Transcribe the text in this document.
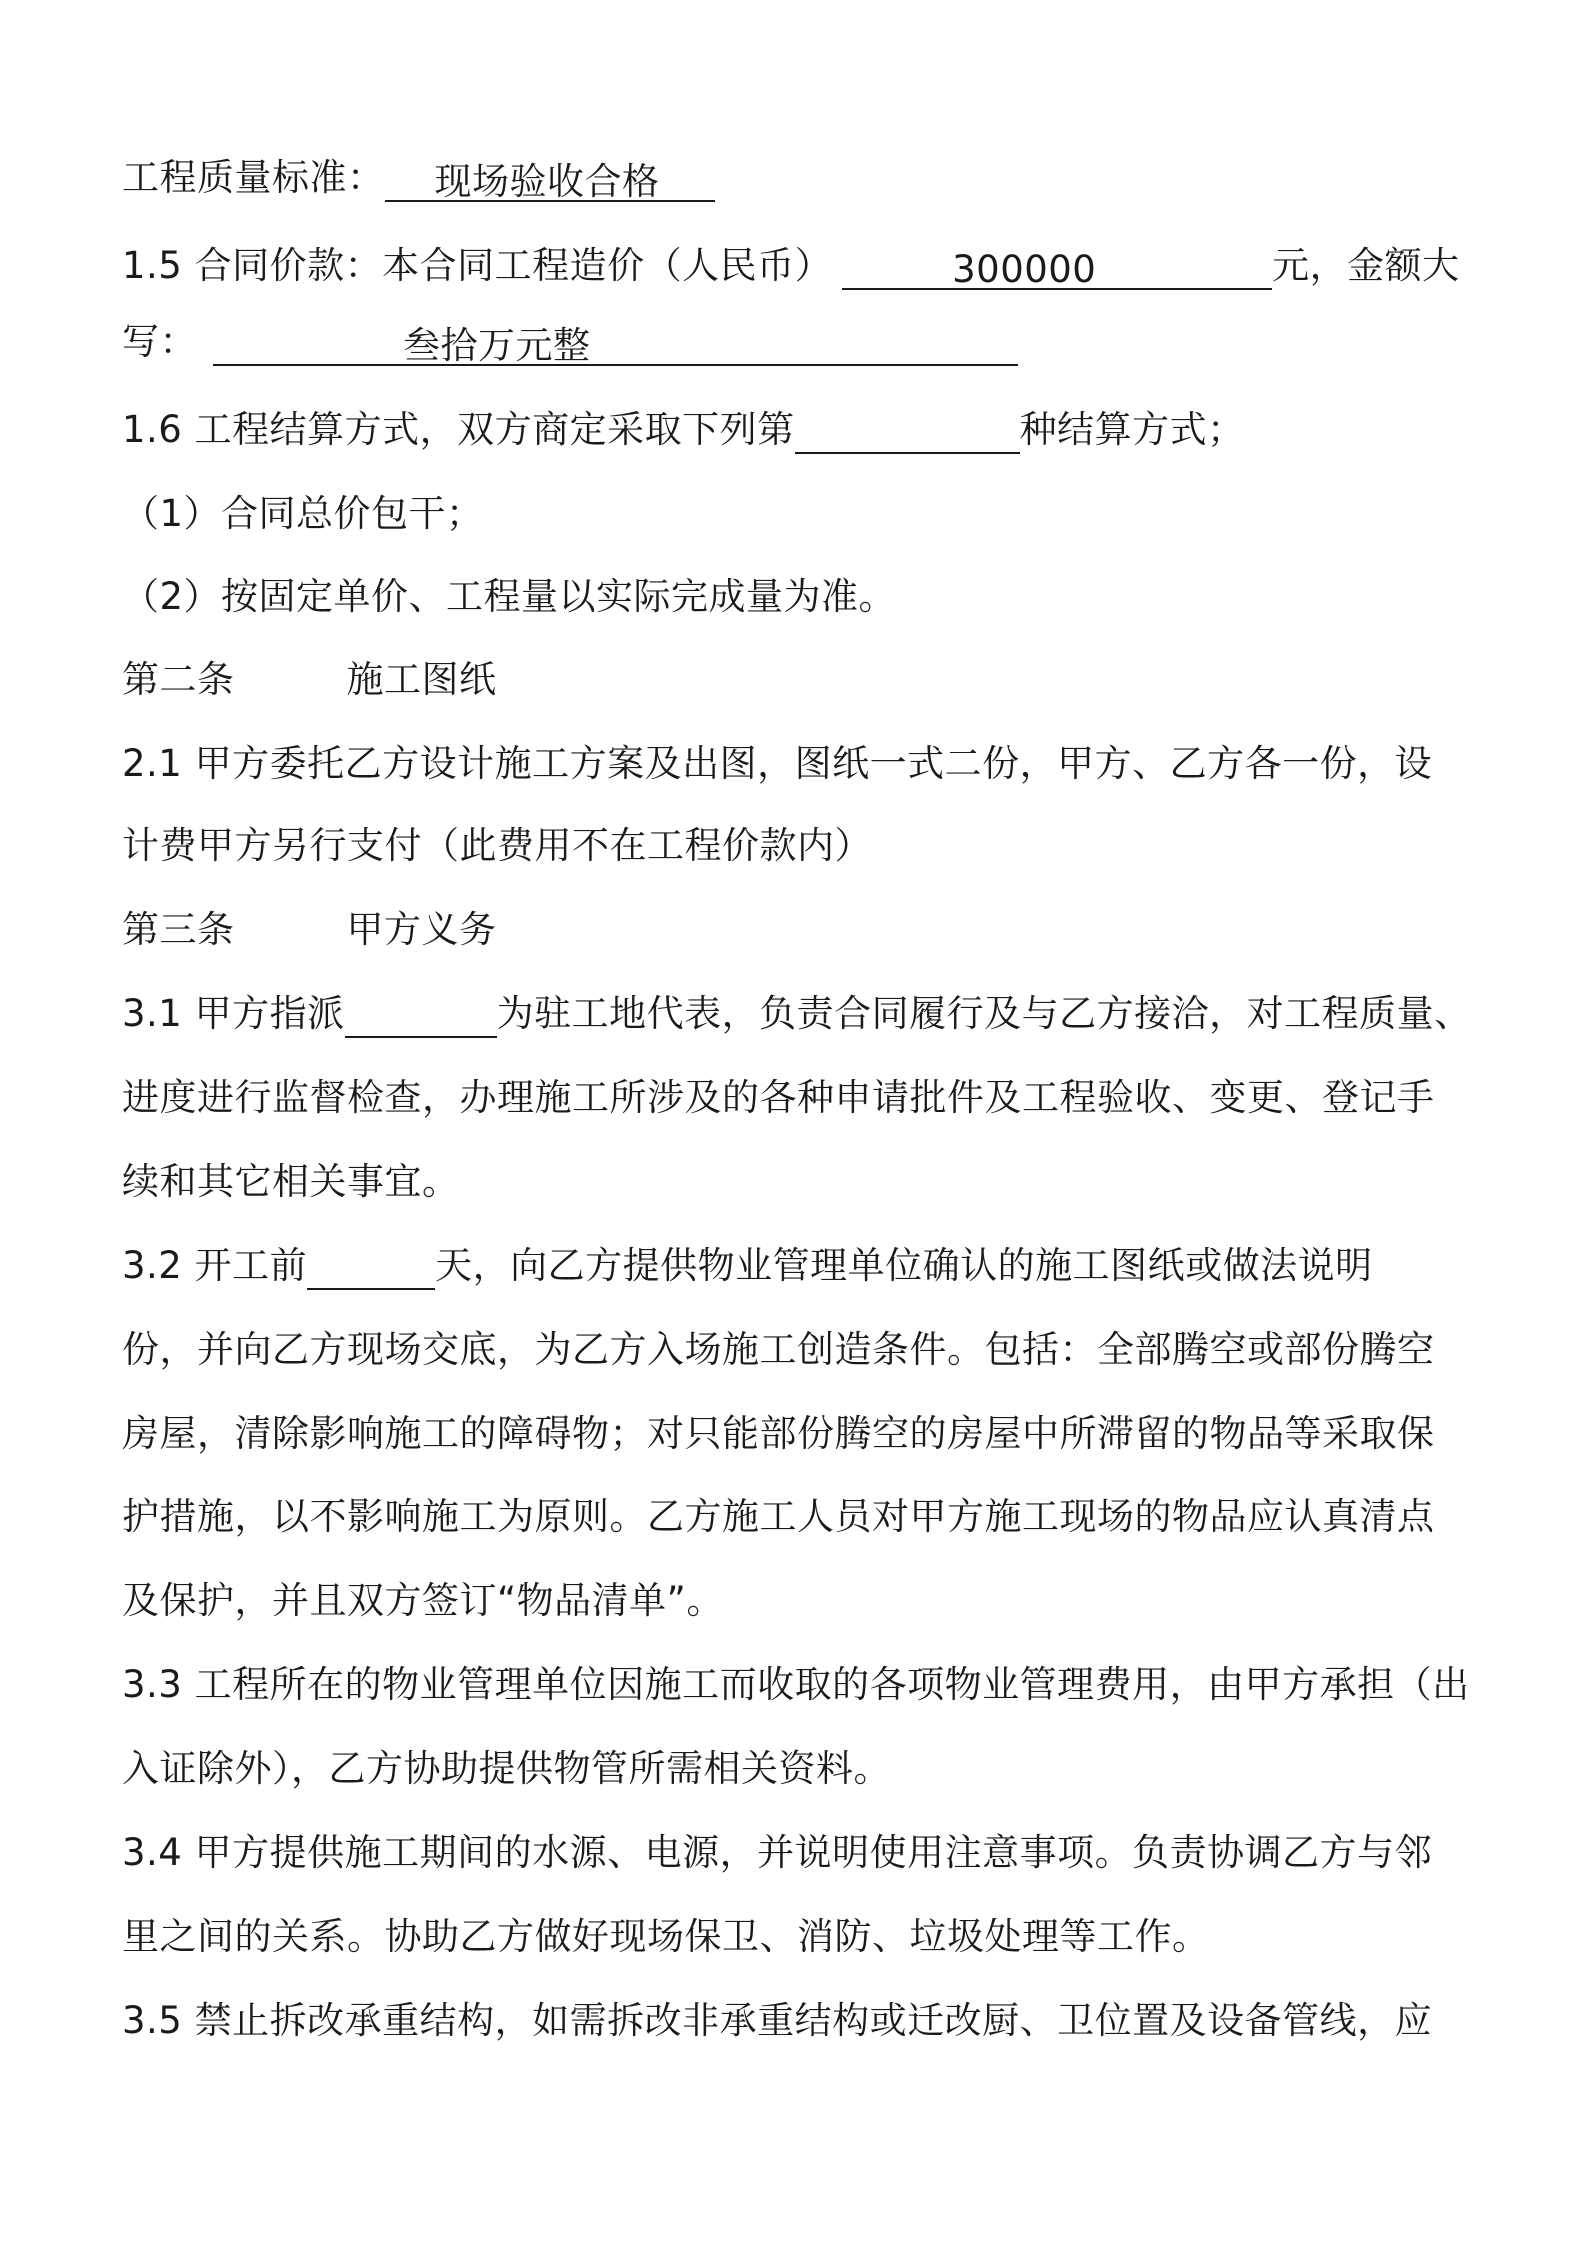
工程质量标准： 现场验收合格
1.5 合同价款：本合同工程造价（人民币）	300000	元，金额大
写：	叁拾万元整
1.6 工程结算方式，双方商定采取下列第	种结算方式；
（1）合同总价包干；
（2）按固定单价、工程量以实际完成量为准。
第二条	施工图纸
2.1 甲方委托乙方设计施工方案及出图，图纸一式二份，甲方、乙方各一份，设
计费甲方另行支付（此费用不在工程价款内）
第三条	甲方义务
3.1 甲方指派	为驻工地代表，负责合同履行及与乙方接洽，对工程质量、
进度进行监督检查，办理施工所涉及的各种申请批件及工程验收、变更、登记手
续和其它相关事宜。
3.2 开工前	天，向乙方提供物业管理单位确认的施工图纸或做法说明
份，并向乙方现场交底，为乙方入场施工创造条件。包括：全部腾空或部份腾空
房屋，清除影响施工的障碍物；对只能部份腾空的房屋中所滞留的物品等采取保
护措施，以不影响施工为原则。乙方施工人员对甲方施工现场的物品应认真清点
及保护，并且双方签订“物品清单”。
3.3 工程所在的物业管理单位因施工而收取的各项物业管理费用，由甲方承担（出
入证除外），乙方协助提供物管所需相关资料。
3.4 甲方提供施工期间的水源、电源，并说明使用注意事项。负责协调乙方与邻
里之间的关系。协助乙方做好现场保卫、消防、垃圾处理等工作。
3.5 禁止拆改承重结构，如需拆改非承重结构或迁改厨、卫位置及设备管线，应
